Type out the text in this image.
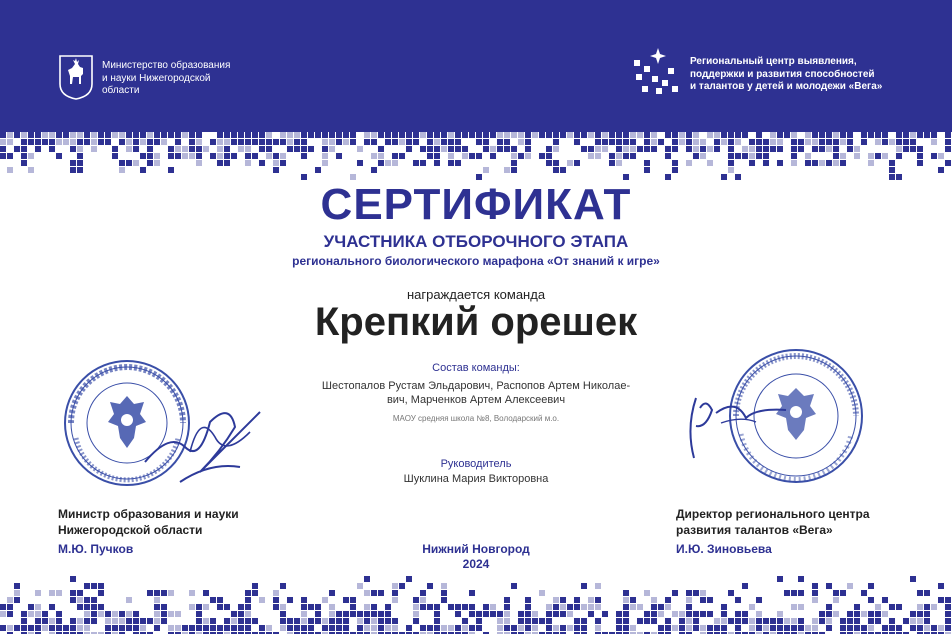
Министерство образования
и науки Нижегородской
области
Региональный центр выявления,
поддержки и развития способностей
и талантов у детей и молодежи «Вега»
СЕРТИФИКАТ
УЧАСТНИКА ОТБОРОЧНОГО ЭТАПА
регионального биологического марафона «От знаний к игре»
награждается команда
Крепкий орешек
Состав команды:
Шестопалов Рустам Эльдарович, Распопов Артем Николае-
вич, Марченков Артем Алексеевич
МАОУ средняя школа №8, Володарский м.о.
Руководитель
Шуклина Мария Викторовна
Министр образования и науки
Нижегородской области
М.Ю. Пучков
Директор регионального центра
развития талантов «Вега»
И.Ю. Зиновьева
Нижний Новгород
2024
